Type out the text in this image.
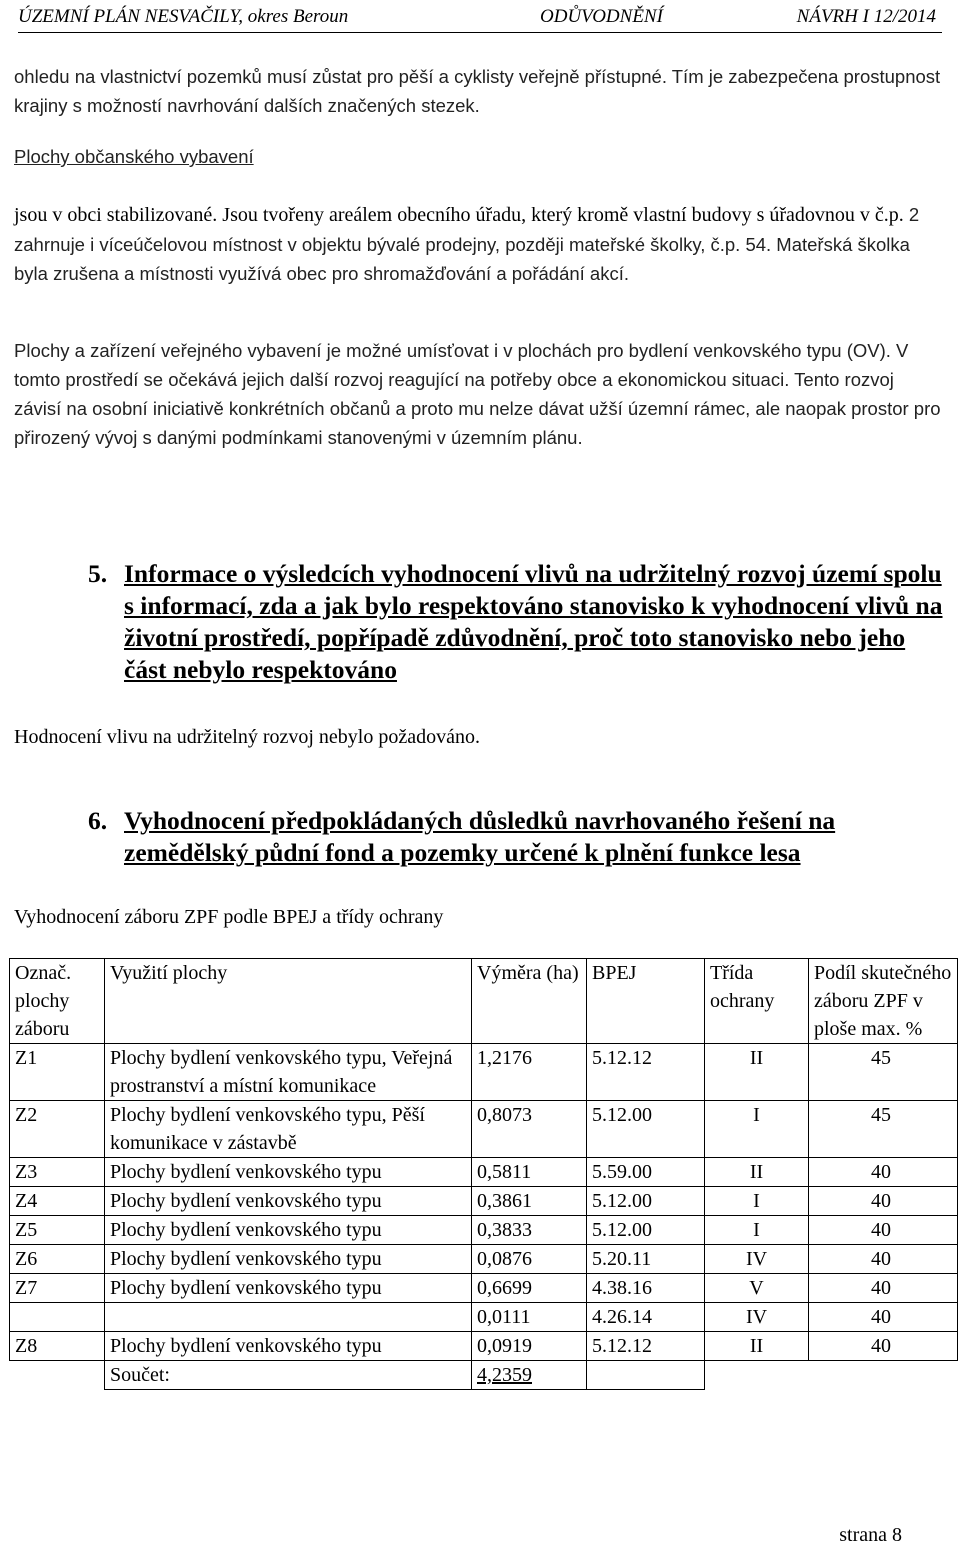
ÚZEMNÍ PLÁN NESVAČILY, okres Beroun	ODŮVODNĚNÍ	NÁVRH I 12/2014

ohledu na vlastnictví pozemků musí zůstat pro pěší a cyklisty veřejně přístupné. Tím je zabezpečena prostupnost krajiny s možností navrhování dalších značených stezek.

Plochy občanského vybavení

jsou v obci stabilizované. Jsou tvořeny areálem obecního úřadu, který kromě vlastní budovy s úřadovnou v č.p. 2 zahrnuje i víceúčelovou místnost v objektu bývalé prodejny, později mateřské školky, č.p. 54. Mateřská školka byla zrušena a místnosti využívá obec pro shromažďování a pořádání akcí.

Plochy a zařízení veřejného vybavení je možné umísťovat i v plochách pro bydlení venkovského typu (OV). V tomto prostředí se očekává jejich další rozvoj reagující na potřeby obce a ekonomickou situaci. Tento rozvoj závisí na osobní iniciativě konkrétních občanů a proto mu nelze dávat užší územní rámec, ale naopak prostor pro přirozený vývoj s danými podmínkami stanovenými v územním plánu.

5. Informace o výsledcích vyhodnocení vlivů na udržitelný rozvoj území spolu s informací, zda a jak bylo respektováno stanovisko k vyhodnocení vlivů na životní prostředí, popřípadě zdůvodnění, proč toto stanovisko nebo jeho část nebylo respektováno

Hodnocení vlivu na udržitelný rozvoj nebylo požadováno.

6. Vyhodnocení předpokládaných důsledků navrhovaného řešení na zemědělský půdní fond a pozemky určené k plnění funkce lesa

Vyhodnocení záboru ZPF podle BPEJ a třídy ochrany

Označ. plochy záboru	Využití plochy	Výměra (ha)	BPEJ	Třída ochrany	Podíl skutečného záboru ZPF v ploše max. %
Z1	Plochy bydlení venkovského typu, Veřejná prostranství a místní komunikace	1,2176	5.12.12	II	45
Z2	Plochy bydlení venkovského typu, Pěší komunikace v zástavbě	0,8073	5.12.00	I	45
Z3	Plochy bydlení venkovského typu	0,5811	5.59.00	II	40
Z4	Plochy bydlení venkovského typu	0,3861	5.12.00	I	40
Z5	Plochy bydlení venkovského typu	0,3833	5.12.00	I	40
Z6	Plochy bydlení venkovského typu	0,0876	5.20.11	IV	40
Z7	Plochy bydlení venkovského typu	0,6699	4.38.16	V	40
		0,0111	4.26.14	IV	40
Z8	Plochy bydlení venkovského typu	0,0919	5.12.12	II	40
	Součet:	4,2359			

strana 8
